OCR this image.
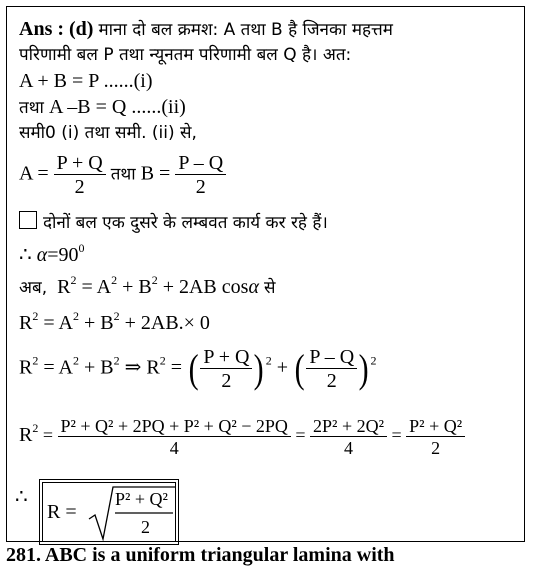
Ans : (d) माना दो बल क्रमश: A तथा B है जिनका महत्तम
परिणामी बल P तथा न्यूनतम परिणामी बल Q है। अत:
A + B = P ......(i)
तथा A –B = Q ......(ii)
समी0 (i) तथा समी. (ii) से,
$A = \frac{P + Q}{2}$ तथा $B = \frac{P - Q}{2}$
दोनों बल एक दुसरे के लम्बवत कार्य कर रहे हैं।
∴ $\alpha=90^0$
अब, $R^2 = A^2 + B^2 + 2AB$ cosα से
$R^2 = A^2 + B^2 + 2AB.\times 0$
$R^2 = A^2 + B^2$ ⇒ $R^2$ = ( $\frac{P + Q}{2}$ ) $^2$ + ( $\frac{P - Q}{2}$ ) $^2$
$R^2 = \frac{\text{P² + Q² + 2PQ + P² + Q² − 2PQ}}{4} = \frac{\text{2P² + 2Q²}}{4} = \frac{\text{P² + Q²}}{2}$
∴
R =
P² + Q²
2
281. ABC is a uniform triangular lamina with
